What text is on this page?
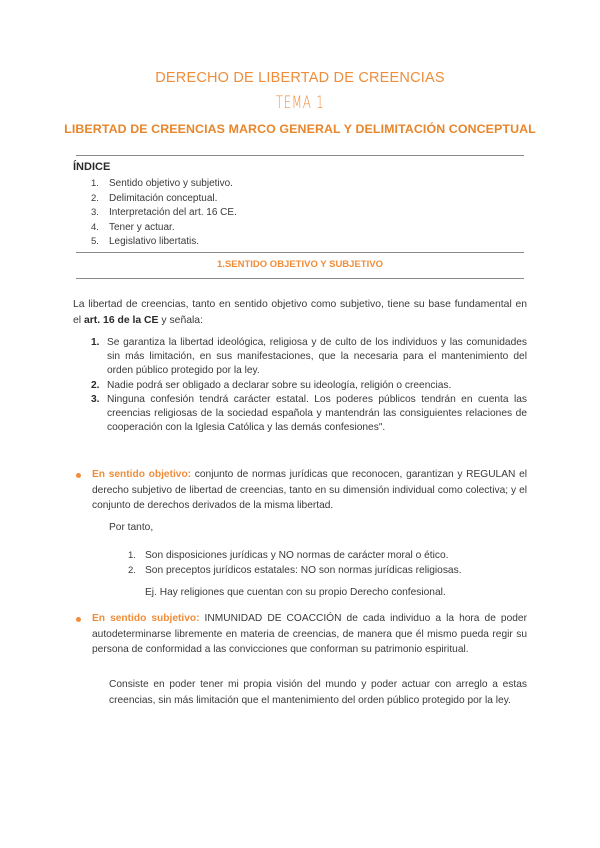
DERECHO DE LIBERTAD DE CREENCIAS
TEMA 1
LIBERTAD DE CREENCIAS MARCO GENERAL Y DELIMITACIÓN CONCEPTUAL
ÍNDICE
1. Sentido objetivo y subjetivo.
2. Delimitación conceptual.
3. Interpretación del art. 16 CE.
4. Tener y actuar.
5. Legislativo libertatis.
1.SENTIDO OBJETIVO Y SUBJETIVO

La libertad de creencias, tanto en sentido objetivo como subjetivo, tiene su base fundamental en el art. 16 de la CE y señala:

1. Se garantiza la libertad ideológica, religiosa y de culto de los individuos y las comunidades sin más limitación, en sus manifestaciones, que la necesaria para el mantenimiento del orden público protegido por la ley.
2. Nadie podrá ser obligado a declarar sobre su ideología, religión o creencias.
3. Ninguna confesión tendrá carácter estatal. Los poderes públicos tendrán en cuenta las creencias religiosas de la sociedad española y mantendrán las consiguientes relaciones de cooperación con la Iglesia Católica y las demás confesiones".
En sentido objetivo: conjunto de normas jurídicas que reconocen, garantizan y REGULAN el derecho subjetivo de libertad de creencias, tanto en su dimensión individual como colectiva; y el conjunto de derechos derivados de la misma libertad.
Por tanto,
1. Son disposiciones jurídicas y NO normas de carácter moral o ético.
2. Son preceptos jurídicos estatales: NO son normas jurídicas religiosas.
Ej. Hay religiones que cuentan con su propio Derecho confesional.
En sentido subjetivo: INMUNIDAD DE COACCIÓN de cada individuo a la hora de poder autodeterminarse libremente en materia de creencias, de manera que él mismo pueda regir su persona de conformidad a las convicciones que conforman su patrimonio espiritual.

Consiste en poder tener mi propia visión del mundo y poder actuar con arreglo a estas creencias, sin más limitación que el mantenimiento del orden público protegido por la ley.
